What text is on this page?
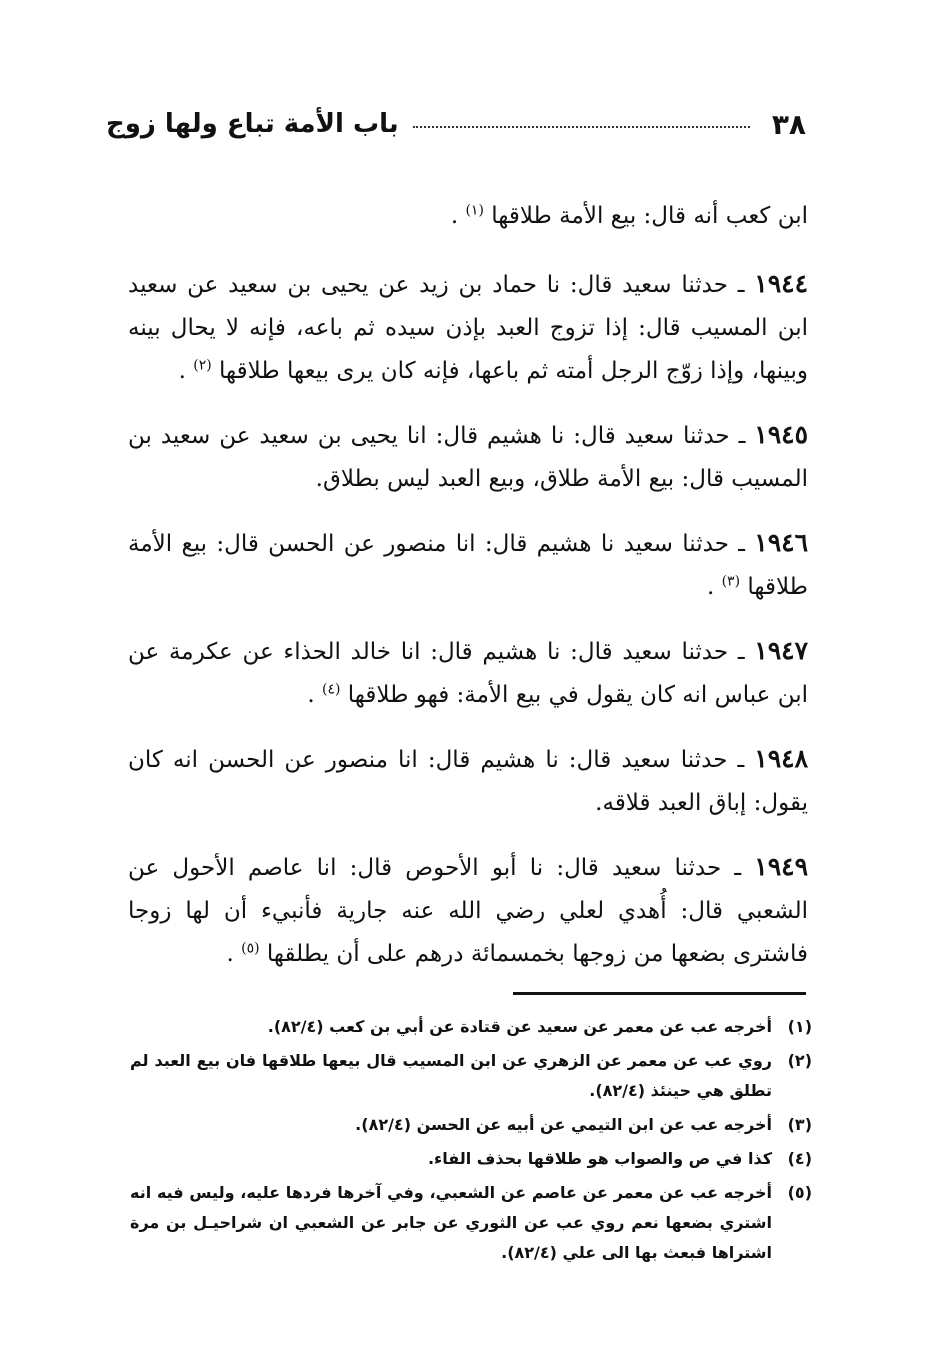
٣٨
باب الأمة تباع ولها زوج

ابن كعب أنه قال: بيع الأمة طلاقها $^{(١)}$ .

١٩٤٤ ـ حدثنا سعيد قال: نا حماد بن زيد عن يحيى بن سعيد عن سعيد ابن المسيب قال: إذا تزوج العبد بإذن سيده ثم باعه، فإنه لا يحال بينه وبينها، وإذا زوّج الرجل أمته ثم باعها، فإنه كان يرى بيعها طلاقها $^{(٢)}$ .

١٩٤٥ ـ حدثنا سعيد قال: نا هشيم قال: انا يحيى بن سعيد عن سعيد بن المسيب قال: بيع الأمة طلاق، وبيع العبد ليس بطلاق.

١٩٤٦ ـ حدثنا سعيد نا هشيم قال: انا منصور عن الحسن قال: بيع الأمة طلاقها $^{(٣)}$ .

١٩٤٧ ـ حدثنا سعيد قال: نا هشيم قال: انا خالد الحذاء عن عكرمة عن ابن عباس انه كان يقول في بيع الأمة: فهو طلاقها $^{(٤)}$ .

١٩٤٨ ـ حدثنا سعيد قال: نا هشيم قال: انا منصور عن الحسن انه كان يقول: إباق العبد قلاقه.

١٩٤٩ ـ حدثنا سعيد قال: نا أبو الأحوص قال: انا عاصم الأحول عن الشعبي قال: أُهدي لعلي رضي الله عنه جارية فأنبيء أن لها زوجا فاشترى بضعها من زوجها بخمسمائة درهم على أن يطلقها $^{(٥)}$ .

(١)
أخرجه عب عن معمر عن سعيد عن قتادة عن أبي بن كعب (٨٢/٤).
(٢)
روي عب عن معمر عن الزهري عن ابن المسيب قال بيعها طلاقها فان بيع العبد لم تطلق هي حينئذ (٨٢/٤).
(٣)
أخرجه عب عن ابن التيمي عن أبيه عن الحسن (٨٢/٤).
(٤)
كذا في ص والصواب هو طلاقها بحذف الفاء.
(٥)
أخرجه عب عن معمر عن عاصم عن الشعبي، وفي آخرها فردها عليه، وليس فيه انه اشتري بضعها نعم روي عب عن الثوري عن جابر عن الشعبي ان شراحيـل بن مرة اشتراها فبعث بها الى علي (٨٢/٤).
